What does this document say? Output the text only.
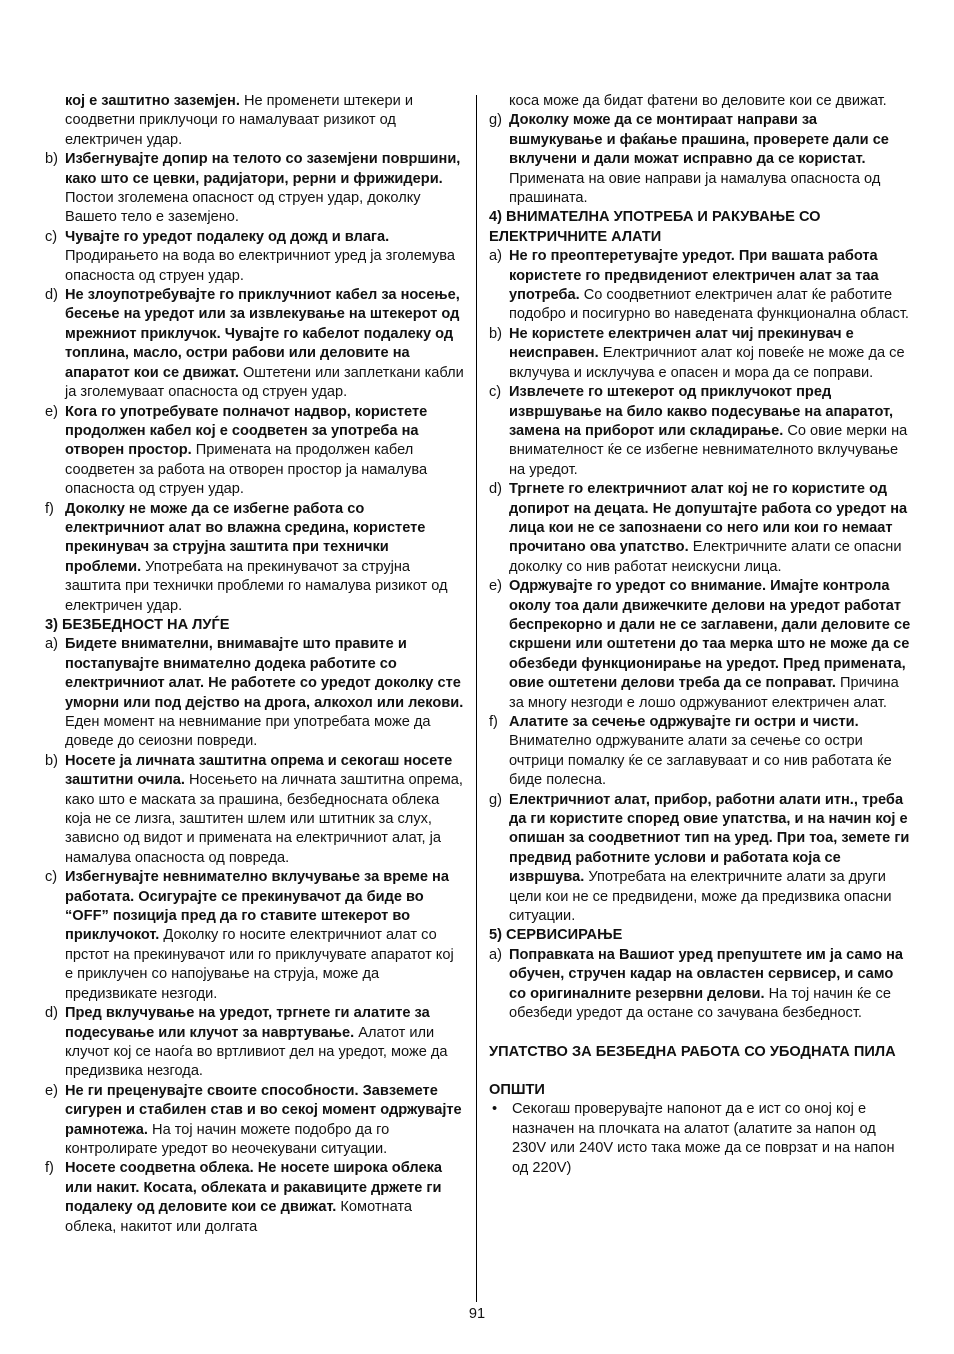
кој е заштитно заземјен. Не променети штекери и соодветни приклучоци го намалуваат ризикот од електричен удар.
b) Избегнувајте допир на телото со заземјени површини, како што се цевки, радијатори, рерни и фрижидери. Постои зголемена опасност од струен удар, доколку Вашето тело е заземјено.
c) Чувајте го уредот подалеку од дожд и влага. Продирањето на вода во електричниот уред ја зголемува опасноста од струен удар.
d) Не злоупотребувајте го приклучниот кабел за носење, бесење на уредот или за извлекување на штекерот од мрежниот приклучок. Чувајте го кабелот подалеку од топлина, масло, остри рабови или деловите на апаратот кои се движат. Оштетени или заплеткани кабли ја зголемуваат опасноста од струен удар.
e) Кога го употребувате полначот надвор, користете продолжен кабел кој е соодветен за употреба на отворен простор. Примената на продолжен кабел соодветен за работа на отворен простор ја намалува опасноста од струен удар.
f) Доколку не може да се избегне работа со електричниот алат во влажна средина, користете прекинувач за струјна заштита при технички проблеми. Употребата на прекинувачот за струјна заштита при технички проблеми го намалува ризикот од електричен удар.
3) БЕЗБЕДНОСТ НА ЛУЃЕ
a) Бидете внимателни, внимавајте што правите и постапувајте внимателно додека работите со електричниот алат. Не работете со уредот доколку сте уморни или под дејство на дрога, алкохол или лекови. Еден момент на невнимание при употребата може да доведе до сеиозни повреди.
b) Носете ја личната заштитна опрема и секогаш носете заштитни очила. Носењето на личната заштитна опрема, како што е маската за прашина, безбедносната облека која не се лизга, заштитен шлем или штитник за слух, зависно од видот и примената на електричниот алат, ја намалува опасноста од повреда.
c) Избегнувајте невнимателно вклучување за време на работата. Осигурајте се прекинувачот да биде во “OFF” позиција пред да го ставите штекерот во приклучокот. Доколку го носите електричниот алат со прстот на прекинувачот или го приклучувате апаратот кој е приклучен со напојување на струја, може да предизвикате незгоди.
d) Пред вклучување на уредот, тргнете ги алатите за подесување или клучот за навртување. Алатот или клучот кој се наоѓа во вртливиот дел на уредот, може да предизвика незгода.
e) Не ги преценувајте своите способности. Завземете сигурен и стабилен став и во секој момент одржувајте рамнотежа. На тој начин можете подобро да го контролирате уредот во неочекувани ситуации.
f) Носете соодветна облека. Не носете широка облека или накит. Косата, облеката и ракавиците држете ги подалеку од деловите кои се движат. Комотната облека, накитот или долгата
коса може да бидат фатени во деловите кои се движат.
g) Доколку може да се монтираат направи за вшмукување и фаќање прашина, проверете дали се вклучени и дали можат исправно да се користат. Примената на овие направи ја намалува опасноста од прашината.
4) ВНИМАТЕЛНА УПОТРЕБА И РАКУВАЊЕ СО ЕЛЕКТРИЧНИТЕ АЛАТИ
a) Не го преоптеретувајте уредот. При вашата работа користете го предвидениот електричен алат за таа употреба. Со соодветниот електричен алат ќе работите подобро и посигурно во наведената функционална област.
b) Не користете електричен алат чиј прекинувач е неисправен. Електричниот алат кој повеќе не може да се вклучува и исклучува е опасен и мора да се поправи.
c) Извлечете го штекерот од приклучокот пред извршување на било какво подесување на апаратот, замена на приборот или складирање. Со овие мерки на внимателност ќе се избегне невнимателното вклучување на уредот.
d) Тргнете го електричниот алат кој не го користите од допирот на децата. Не допуштајте работа со уредот на лица кои не се запознаени со него или кои го немаат прочитано ова упатство. Електричните алати се опасни доколку со нив работат неискусни лица.
e) Одржувајте го уредот со внимание. Имајте контрола околу тоа дали движечките делови на уредот работат беспрекорно и дали не се заглавени, дали деловите се скршени или оштетени до таа мерка што не може да се обезбеди функционирање на уредот. Пред примената, овие оштетени делови треба да се поправат. Причина за многу незгоди е лошо одржуваниот електричен алат.
f) Алатите за сечење одржувајте ги остри и чисти. Внимателно одржуваните алати за сечење со остри очтрици помалку ќе се заглавуваат и со нив работата ќе биде полесна.
g) Електричниот алат, прибор, работни алати итн., треба да ги користите според овие упатства, и на начин кој е опишан за соодветниот тип на уред. При тоа, земете ги предвид работните услови и работата која се извршува. Употребата на електричните алати за други цели кои не се предвидени, може да предизвика опасни ситуации.
5) СЕРВИСИРАЊЕ
a) Поправката на Вашиот уред препуштете им ја само на обучен, стручен кадар на овластен сервисер, и само со оригиналните резервни делови. На тој начин ќе се обезбеди уредот да остане со зачувана безбедност.
УПАТСТВО ЗА БЕЗБЕДНА РАБОТА СО УБОДНАТА ПИЛА
ОПШТИ
•	Секогаш проверувајте напонот да е ист со оној кој е назначен на плочката на алатот (алатите за напон од 230V или 240V исто така може да се поврзат и на напон од 220V)
91
